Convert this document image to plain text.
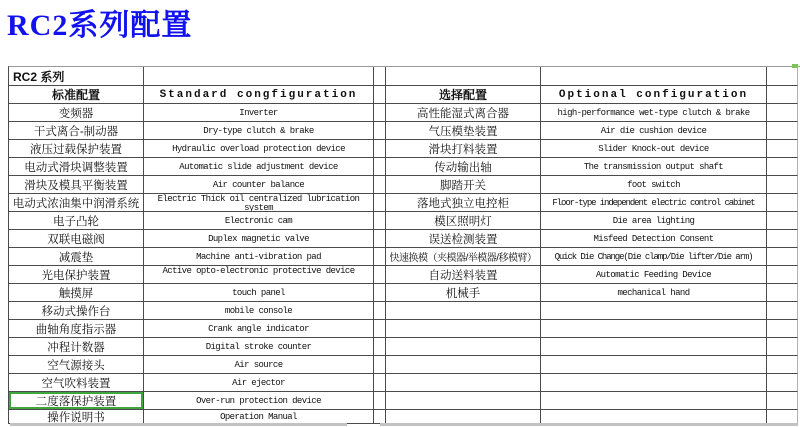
RC2系列配置
RC2 系列
标准配置	Standard congfiguration	选择配置	Optional configuration
变频器	Inverter	高性能湿式离合器	high-performance wet-type clutch & brake
干式离合-制动器	Dry-type clutch & brake	气压模垫装置	Air die cushion device
液压过载保护装置	Hydraulic overload protection device	滑块打料装置	Slider Knock-out device
电动式滑块调整装置	Automatic slide adjustment device	传动输出轴	The transmission output shaft
滑块及模具平衡装置	Air counter balance	脚踏开关	foot switch
电动式浓油集中润滑系统	Electric Thick oil centralized lubrication system	落地式独立电控柜	Floor-type independent electric control cabinet
电子凸轮	Electronic cam	模区照明灯	Die area lighting
双联电磁阀	Duplex magnetic valve	误送检测装置	Misfeed Detection Consent
减震垫	Machine anti-vibration pad	快速换模（夹模器/举模器/移模臂）	Quick Die Change(Die clamp/Die lifter/Die arm)
光电保护装置	Active opto-electronic protective device	自动送料装置	Automatic Feeding Device
触摸屏	touch panel	机械手	mechanical hand
移动式操作台	mobile console
曲轴角度指示器	Crank angle indicator
冲程计数器	Digital stroke counter
空气源接头	Air source
空气吹料装置	Air ejector
二度落保护装置	Over-run protection device
操作说明书	Operation Manual
